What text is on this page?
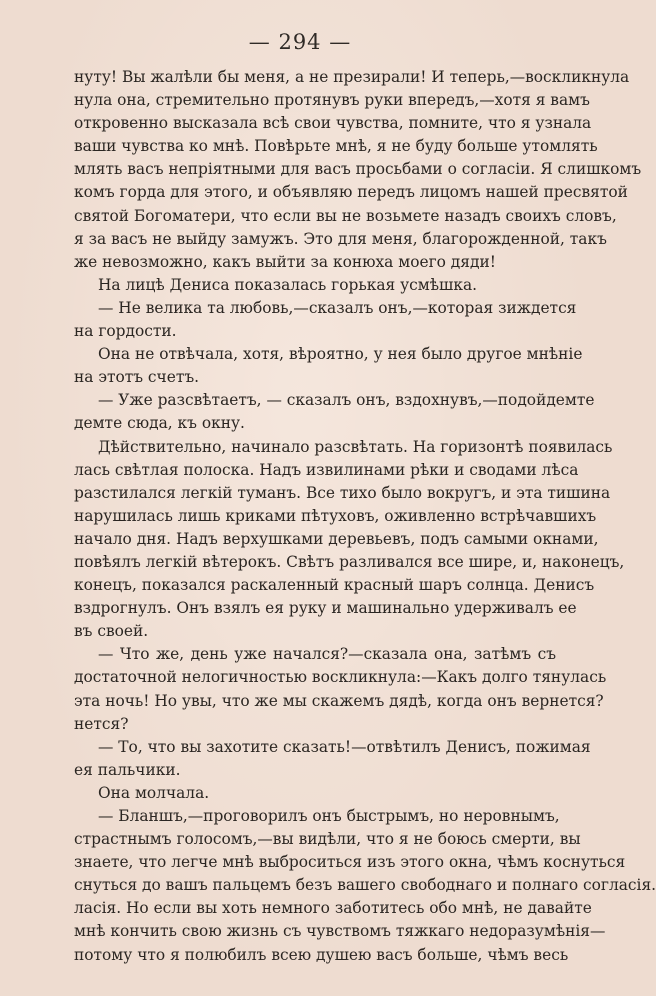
— 294 —
нуту! Вы жалѣли бы меня, а не презирали! И теперь,—воскликнула
нула она, стремительно протянувъ руки впередъ,—хотя я вамъ
откровенно высказала всѣ свои чувства, помните, что я узнала
ваши чувства ко мнѣ. Повѣрьте мнѣ, я не буду больше утомлять
млять васъ непріятными для васъ просьбами о согласіи. Я слишкомъ
комъ горда для этого, и объявляю передъ лицомъ нашей пресвятой
святой Богоматери, что если вы не возьмете назадъ своихъ словъ,
я за васъ не выйду замужъ. Это для меня, благорожденной, такъ
же невозможно, какъ выйти за конюха моего дяди!
На лицѣ Дениса показалась горькая усмѣшка.
— Не велика та любовь,—сказалъ онъ,—которая зиждется
на гордости.
Она не отвѣчала, хотя, вѣроятно, у нея было другое мнѣніе
на этотъ счетъ.
— Уже разсвѣтаетъ, — сказалъ онъ, вздохнувъ,—подойдемте
демте сюда, къ окну.
Дѣйствительно, начинало разсвѣтать. На горизонтѣ появилась
лась свѣтлая полоска. Надъ извилинами рѣки и сводами лѣса
разстилался легкій туманъ. Все тихо было вокругъ, и эта тишина
нарушилась лишь криками пѣтуховъ, оживленно встрѣчавшихъ
начало дня. Надъ верхушками деревьевъ, подъ самыми окнами,
повѣялъ легкій вѣтерокъ. Свѣтъ разливался все шире, и, наконецъ,
конецъ, показался раскаленный красный шаръ солнца. Денисъ
вздрогнулъ. Онъ взялъ ея руку и машинально удерживалъ ее
въ своей.
— Что же, день уже начался?—сказала она, затѣмъ съ
достаточной нелогичностью воскликнула:—Какъ долго тянулась
эта ночь! Но увы, что же мы скажемъ дядѣ, когда онъ вернется?
нется?
— То, что вы захотите сказать!—отвѣтилъ Денисъ, пожимая
ея пальчики.
Она молчала.
— Бланшъ,—проговорилъ онъ быстрымъ, но неровнымъ,
страстнымъ голосомъ,—вы видѣли, что я не боюсь смерти, вы
знаете, что легче мнѣ выброситься изъ этого окна, чѣмъ коснуться
снуться до вашъ пальцемъ безъ вашего свободнаго и полнаго согласія.
ласія. Но если вы хоть немного заботитесь обо мнѣ, не давайте
мнѣ кончить свою жизнь съ чувствомъ тяжкаго недоразумѣнія—
потому что я полюбилъ всею душею васъ больше, чѣмъ весь
